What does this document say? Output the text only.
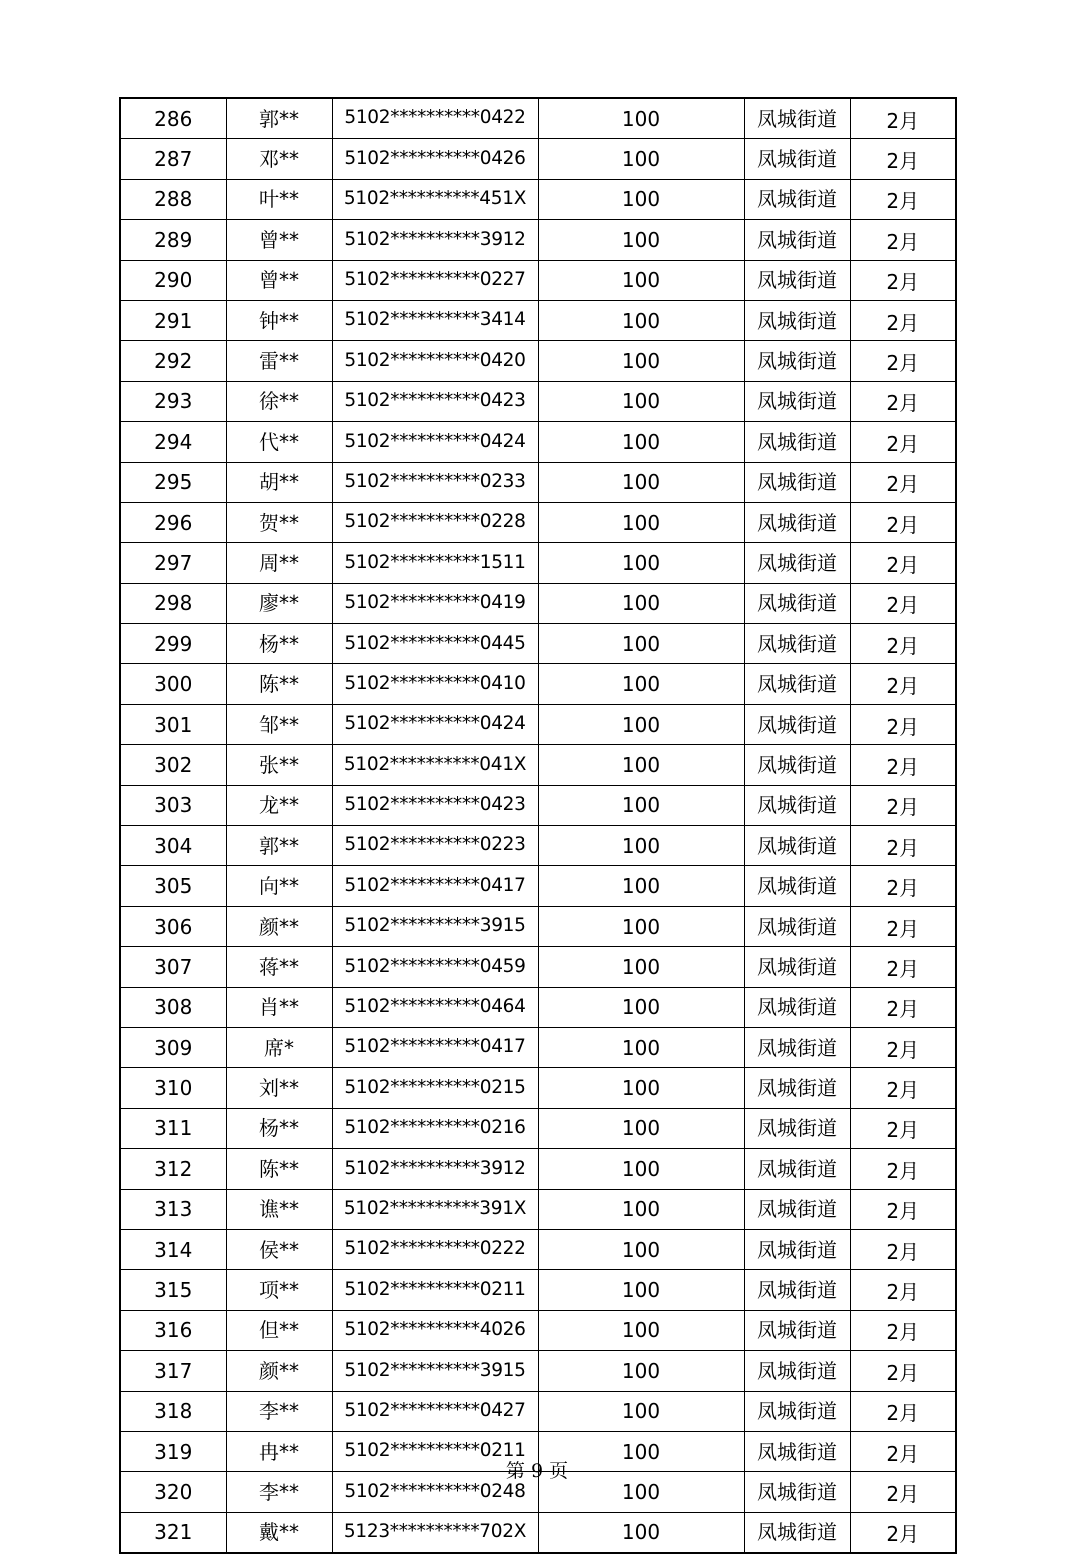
286	郭**	5102**********0422	100	凤城街道	2月
287	邓**	5102**********0426	100	凤城街道	2月
288	叶**	5102**********451X	100	凤城街道	2月
289	曾**	5102**********3912	100	凤城街道	2月
290	曾**	5102**********0227	100	凤城街道	2月
291	钟**	5102**********3414	100	凤城街道	2月
292	雷**	5102**********0420	100	凤城街道	2月
293	徐**	5102**********0423	100	凤城街道	2月
294	代**	5102**********0424	100	凤城街道	2月
295	胡**	5102**********0233	100	凤城街道	2月
296	贺**	5102**********0228	100	凤城街道	2月
297	周**	5102**********1511	100	凤城街道	2月
298	廖**	5102**********0419	100	凤城街道	2月
299	杨**	5102**********0445	100	凤城街道	2月
300	陈**	5102**********0410	100	凤城街道	2月
301	邹**	5102**********0424	100	凤城街道	2月
302	张**	5102**********041X	100	凤城街道	2月
303	龙**	5102**********0423	100	凤城街道	2月
304	郭**	5102**********0223	100	凤城街道	2月
305	向**	5102**********0417	100	凤城街道	2月
306	颜**	5102**********3915	100	凤城街道	2月
307	蒋**	5102**********0459	100	凤城街道	2月
308	肖**	5102**********0464	100	凤城街道	2月
309	席*	5102**********0417	100	凤城街道	2月
310	刘**	5102**********0215	100	凤城街道	2月
311	杨**	5102**********0216	100	凤城街道	2月
312	陈**	5102**********3912	100	凤城街道	2月
313	谯**	5102**********391X	100	凤城街道	2月
314	侯**	5102**********0222	100	凤城街道	2月
315	项**	5102**********0211	100	凤城街道	2月
316	但**	5102**********4026	100	凤城街道	2月
317	颜**	5102**********3915	100	凤城街道	2月
318	李**	5102**********0427	100	凤城街道	2月
319	冉**	5102**********0211	100	凤城街道	2月
320	李**	5102**********0248	100	凤城街道	2月
321	戴**	5123**********702X	100	凤城街道	2月
第 9 页
